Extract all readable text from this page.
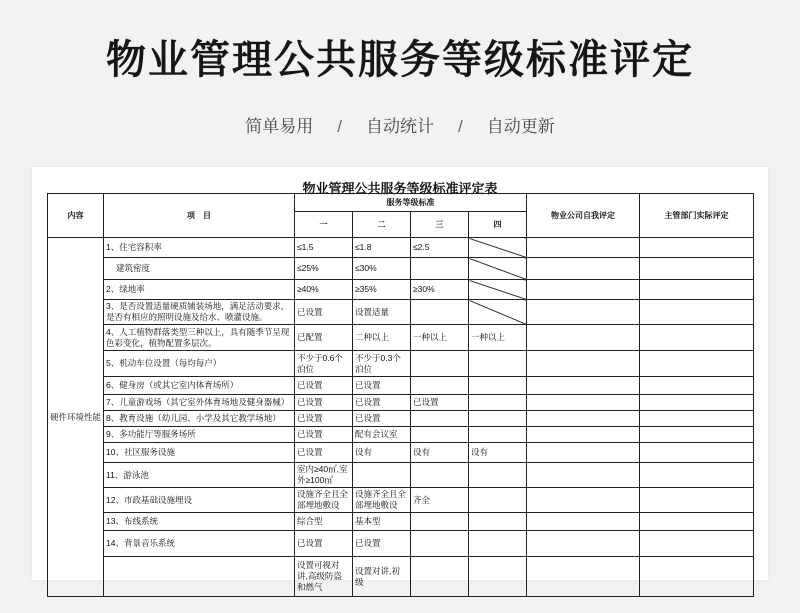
物业管理公共服务等级标准评定
简单易用 / 自动统计 / 自动更新
物业管理公共服务等级标准评定表
内容	项　目	服务等级标准				物业公司自我评定	主管部门实际评定
		一	二	三	四		
硬件环境性能	1、住宅容积率	≤1.5	≤1.8	≤2.5			
	建筑密度	≤25%	≤30%				
	2、绿地率	≥40%	≥35%	≥30%			
	3、是否设置适量硬质铺装场地，满足活动要求，是否有相应的照明设施及给水、喷灌设施。	已设置	设置适量				
	4、人工植物群落类型三种以上，具有随季节呈现色彩变化，植物配置多层次。	已配置	二种以上	一种以上	一种以上		
	5、机动车位设置（每均每户）	不少于0.6个泊位	不少于0.3个泊位				
	6、健身房（或其它室内体育场所）	已设置	已设置				
	7、儿童游戏场（其它室外体育场地及健身器械）	已设置	已设置	已设置			
	8、教育设施（幼儿园、小学及其它教学场地）	已设置	已设置				
	9、多功能厅等服务场所	已设置	配有会议室				
	10、社区服务设施	已设置	设有	设有	设有		
	11、游泳池	室内≥40㎡,室外≥100㎡					
	12、市政基础设施埋设	设施齐全且全部埋地敷设	设施齐全且全部埋地敷设	齐全			
	13、布线系统	综合型	基本型				
	14、背景音乐系统	已设置	已设置				
		设置可视对讲,高级防盗和燃气	设置对讲,初级				
